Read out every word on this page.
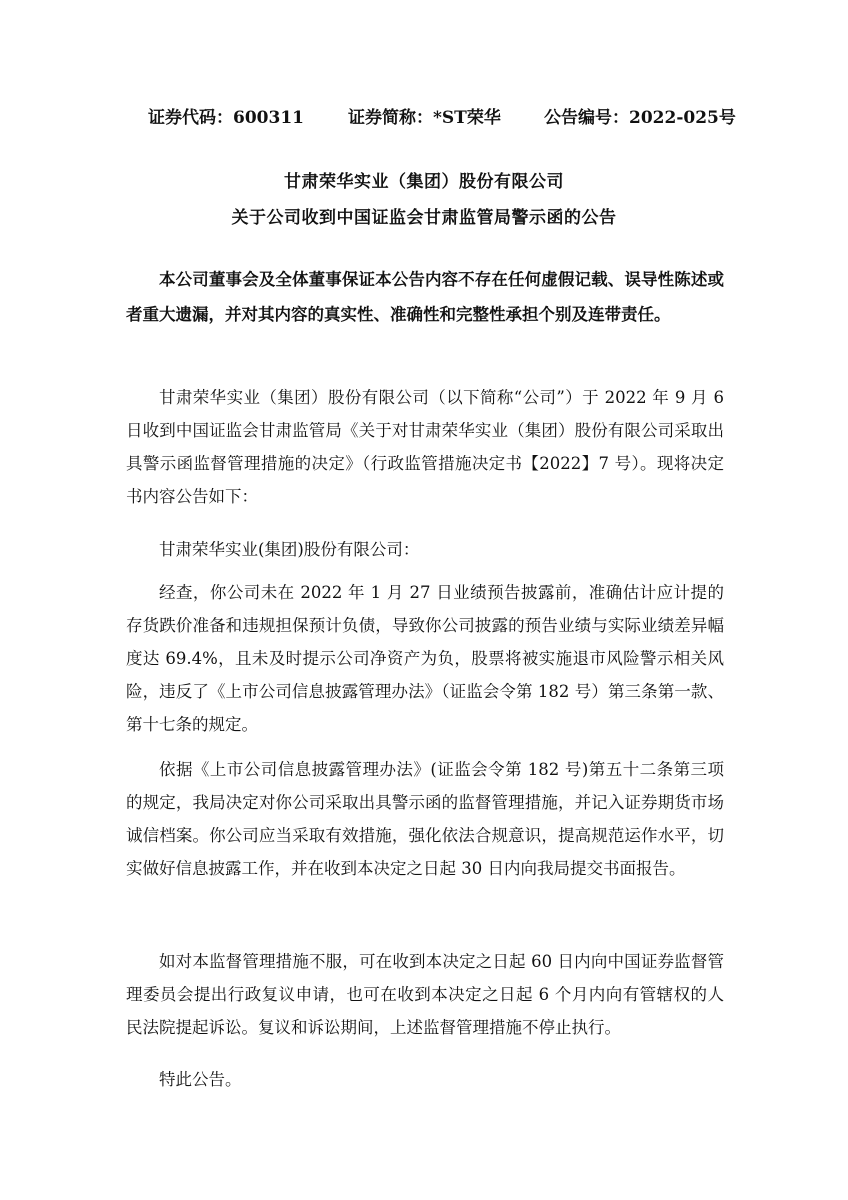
证券代码：600311	证券简称：*ST荣华	公告编号：2022-025号
甘肃荣华实业（集团）股份有限公司
关于公司收到中国证监会甘肃监管局警示函的公告

本公司董事会及全体董事保证本公告内容不存在任何虚假记载、误导性陈述或者重大遗漏，并对其内容的真实性、准确性和完整性承担个别及连带责任。

甘肃荣华实业（集团）股份有限公司（以下简称“公司”）于 2022 年 9 月 6 日收到中国证监会甘肃监管局《关于对甘肃荣华实业（集团）股份有限公司采取出具警示函监督管理措施的决定》（行政监管措施决定书【2022】7 号）。现将决定书内容公告如下：

甘肃荣华实业(集团)股份有限公司：

经查，你公司未在 2022 年 1 月 27 日业绩预告披露前，准确估计应计提的存货跌价准备和违规担保预计负债，导致你公司披露的预告业绩与实际业绩差异幅度达 69.4%，且未及时提示公司净资产为负，股票将被实施退市风险警示相关风险，违反了《上市公司信息披露管理办法》（证监会令第 182 号）第三条第一款、第十七条的规定。

依据《上市公司信息披露管理办法》(证监会令第 182 号)第五十二条第三项的规定，我局决定对你公司采取出具警示函的监督管理措施，并记入证券期货市场诚信档案。你公司应当采取有效措施，强化依法合规意识，提高规范运作水平，切实做好信息披露工作，并在收到本决定之日起 30 日内向我局提交书面报告。

如对本监督管理措施不服，可在收到本决定之日起 60 日内向中国证券监督管理委员会提出行政复议申请，也可在收到本决定之日起 6 个月内向有管辖权的人民法院提起诉讼。复议和诉讼期间，上述监督管理措施不停止执行。

特此公告。
